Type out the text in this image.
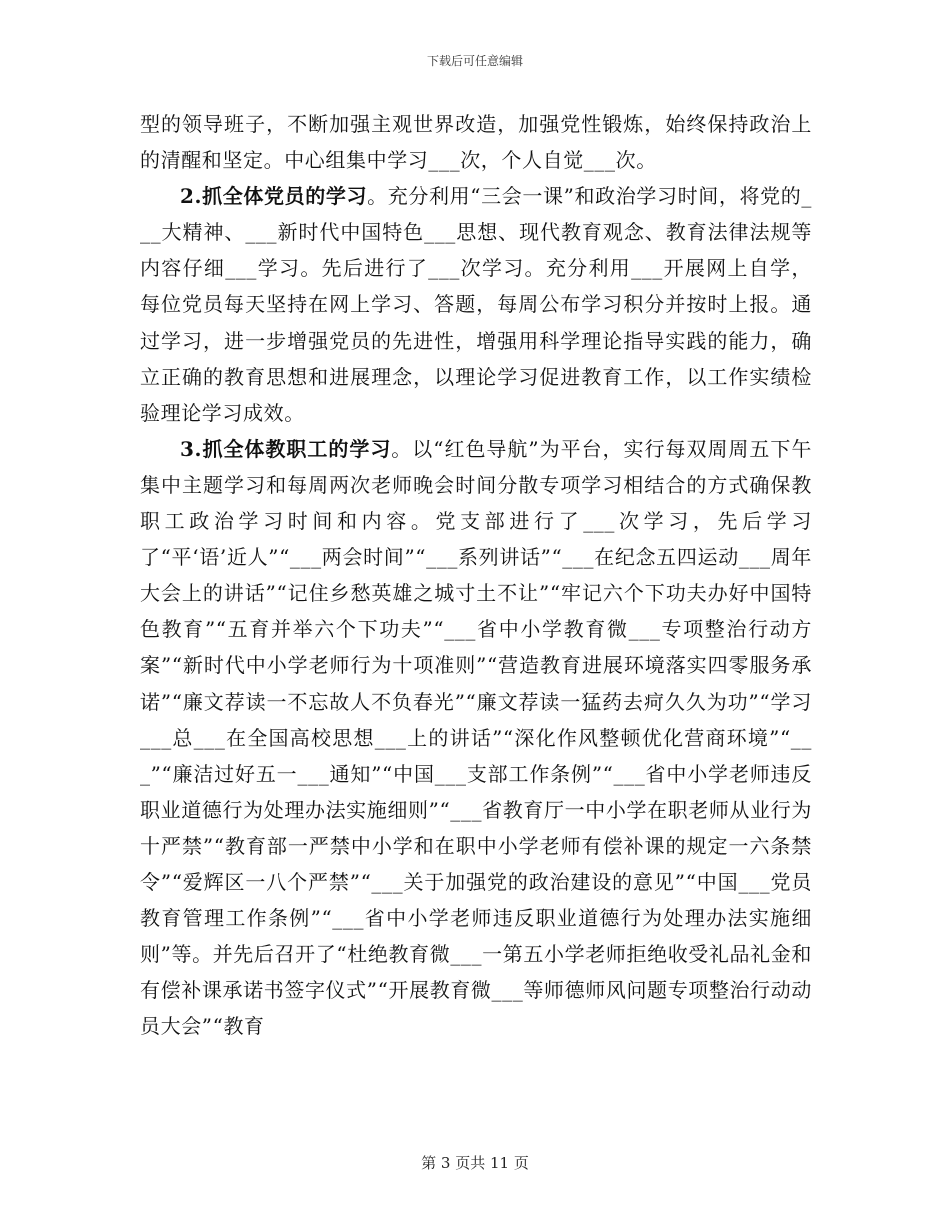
下载后可任意编辑

型的领导班子，不断加强主观世界改造，加强党性锻炼，始终保持政治上的清醒和坚定。中心组集中学习___次，个人自觉___次。

2.抓全体党员的学习。充分利用“三会一课”和政治学习时间，将党的___大精神、___新时代中国特色___思想、现代教育观念、教育法律法规等内容仔细___学习。先后进行了___次学习。充分利用___开展网上自学，每位党员每天坚持在网上学习、答题，每周公布学习积分并按时上报。通过学习，进一步增强党员的先进性，增强用科学理论指导实践的能力，确立正确的教育思想和进展理念，以理论学习促进教育工作，以工作实绩检验理论学习成效。

3.抓全体教职工的学习。以“红色导航”为平台，实行每双周周五下午集中主题学习和每周两次老师晚会时间分散专项学习相结合的方式确保教职工政治学习时间和内容。党支部进行了___次学习，先后学习了“平‘语’近人”“___两会时间”“___系列讲话”“___在纪念五四运动___周年大会上的讲话”“记住乡愁英雄之城寸土不让”“牢记六个下功夫办好中国特色教育”“五育并举六个下功夫”“___省中小学教育微___专项整治行动方案”“新时代中小学老师行为十项准则”“营造教育进展环境落实四零服务承诺”“廉文荐读一不忘故人不负春光”“廉文荐读一猛药去疴久久为功”“学习___总___在全国高校思想___上的讲话”“深化作风整顿优化营商环境”“___”“廉洁过好五一___通知”“中国___支部工作条例”“___省中小学老师违反职业道德行为处理办法实施细则”“___省教育厅一中小学在职老师从业行为十严禁”“教育部一严禁中小学和在职中小学老师有偿补课的规定一六条禁令”“爱辉区一八个严禁”“___关于加强党的政治建设的意见”“中国___党员教育管理工作条例”“___省中小学老师违反职业道德行为处理办法实施细则”等。并先后召开了“杜绝教育微___一第五小学老师拒绝收受礼品礼金和有偿补课承诺书签字仪式”“开展教育微___等师德师风问题专项整治行动动员大会”“教育

第 3 页共 11 页
